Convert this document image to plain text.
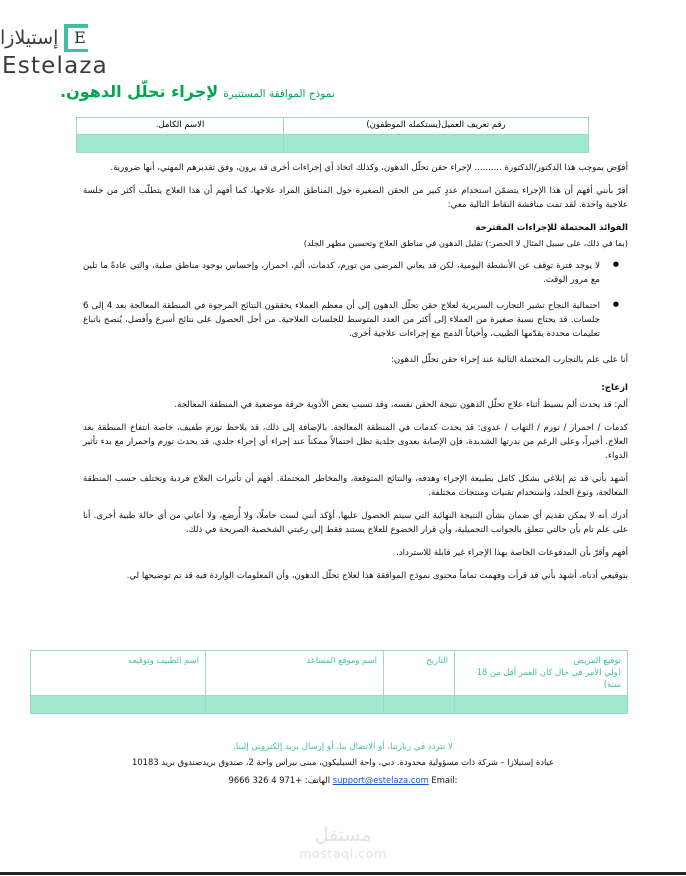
إستيلازا E
Estelaza
نموذج الموافقة المستنيرة لإجراء تحلّل الدهون.
رقم تعريف العميل(يستكمله الموظفون)	الاسم الكامل.

أفوّض بموجب هذا الدكتور/الدكتورة .......... لإجراء حقن تحلّل الدهون، وكذلك اتخاذ أي إجراءات أخرى قد يرون، وفق تقديرهم المهني، أنها ضرورية.

أقرّ بأنني أفهم أن هذا الإجراء يتضمّن استخدام عددٍ كبير من الحقن الصغيرة حول المناطق المراد علاجها، كما أفهم أن هذا العلاج يتطلّب أكثر من جلسة علاجية واحدة. لقد تمت مناقشة النقاط التالية معي:

الفوائد المحتملة للإجراءات المقترحة

(بما في ذلك، على سبيل المثال لا الحصر:) تقليل الدهون في مناطق العلاج وتحسين مظهر الجلد)

● لا يوجد فترة توقف عن الأنشطة اليومية، لكن قد يعاني المرضى من تورم، كدمات، ألم، احمرار، وإحساس بوجود مناطق صلبة، والتي عادةً ما تلين مع مرور الوقت.
● احتمالية النجاح تشير التجارب السريرية لعلاج حقن تحلّل الدهون إلى أن معظم العملاء يحققون النتائج المرجوة في المنطقة المعالجة بعد 4 إلى 6 جلسات. قد يحتاج نسبة صغيرة من العملاء إلى أكثر من العدد المتوسط للجلسات العلاجية. من أجل الحصول على نتائج أسرع وأفضل، يُنصح باتباع تعليمات محددة يقدّمها الطبيب، وأحياناً الدمج مع إجراءات علاجية أخرى.

أنا على علم بالتجارب المحتملة التالية عند إجراء حقن تحلّل الدهون:

ازعاج:

ألم: قد يحدث ألم بسيط أثناء علاج تحلّل الدهون نتيجة الحقن نفسه، وقد تسبب بعض الأدوية حرقة موضعية في المنطقة المعالجة.

كدمات / احمرار / تورم / التهاب / عدوى: قد يحدث كدمات في المنطقة المعالجة. بالإضافة إلى ذلك، قد يلاحظ تورم طفيف، خاصة انتفاخ المنطقة بعد العلاج. أخيراً، وعلى الرغم من ندرتها الشديدة، فإن الإصابة بعدوى جلدية تظل احتمالاً ممكناً عند إجراء أي إجراء جلدي. قد يحدث تورم واحمرار مع بدء تأثير الدواء.

أشهد بأني قد تم إبلاغي بشكل كامل بطبيعة الإجراء وهدفه، والنتائج المتوقعة، والمخاطر المحتملة. أفهم أن تأثيرات العلاج فردية وتختلف حسب المنطقة المعالجة، ونوع الجلد، واستخدام تقنيات ومنتجات مختلفة.

أدرك أنه لا يمكن تقديم أي ضمان بشأن النتيجة النهائية التي سيتم الحصول عليها. أؤكد أنني لست حاملًا، ولا أُرضع، ولا أعاني من أي حالة طبية أخرى. أنا على علم تام بأن حالتي تتعلق بالجوانب التجميلية، وأن قرار الخضوع للعلاج يستند فقط إلى رغبتي الشخصية الصريحة في ذلك.

أفهم وأقرّ بأن المدفوعات الخاصة بهذا الإجراء غير قابلة للاسترداد.

بتوقيعي أدناه، أشهد بأني قد قرأت وفهمت تماماً محتوى نموذج الموافقة هذا لعلاج تحلّل الدهون، وأن المعلومات الواردة فيه قد تم توضيحها لي.

توقيع المريض
(ولي الأمر في حال كان العمر أقل من 18 سنة)	التاريخ	اسم وموقع المساعد	اسم الطبيب وتوقيعه

لا تتردد في زيارتنا، أو الاتصال بنا، أو إرسال بريد إلكتروني إلينا.
عيادة إستيلازا – شركة ذات مسؤولية محدودة. دبي، واحة السيليكون، مبنى نيراس واحة 2، صندوق بريدصندوق بريد 10183
الهاتف: +971 4 326 9666	support@estelaza.com Email:
مستقل
mostaql.com
